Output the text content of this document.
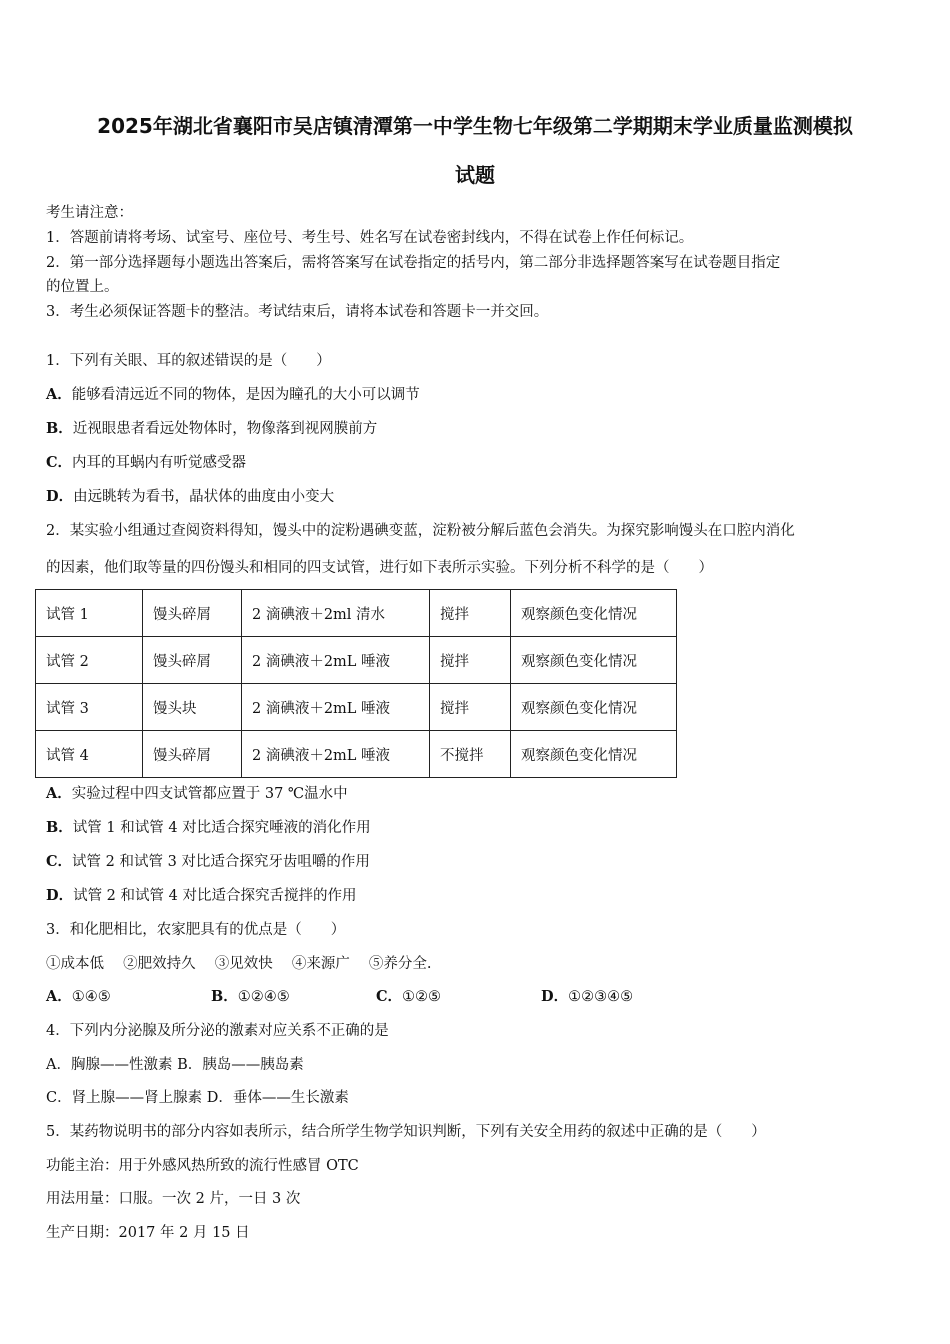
2025年湖北省襄阳市吴店镇清潭第一中学生物七年级第二学期期末学业质量监测模拟
试题
考生请注意：
1．答题前请将考场、试室号、座位号、考生号、姓名写在试卷密封线内，不得在试卷上作任何标记。
2．第一部分选择题每小题选出答案后，需将答案写在试卷指定的括号内，第二部分非选择题答案写在试卷题目指定
的位置上。
3．考生必须保证答题卡的整洁。考试结束后，请将本试卷和答题卡一并交回。
1．下列有关眼、耳的叙述错误的是（　　）
A．能够看清远近不同的物体，是因为瞳孔的大小可以调节
B．近视眼患者看远处物体时，物像落到视网膜前方
C．内耳的耳蜗内有听觉感受器
D．由远眺转为看书，晶状体的曲度由小变大
2．某实验小组通过查阅资料得知，馒头中的淀粉遇碘变蓝，淀粉被分解后蓝色会消失。为探究影响馒头在口腔内消化
的因素，他们取等量的四份馒头和相同的四支试管，进行如下表所示实验。下列分析不科学的是（　　）
试管 1	馒头碎屑	2 滴碘液＋2ml 清水	搅拌	观察颜色变化情况
试管 2	馒头碎屑	2 滴碘液＋2mL 唾液	搅拌	观察颜色变化情况
试管 3	馒头块	2 滴碘液＋2mL 唾液	搅拌	观察颜色变化情况
试管 4	馒头碎屑	2 滴碘液＋2mL 唾液	不搅拌	观察颜色变化情况
A．实验过程中四支试管都应置于 37 ℃温水中
B．试管 1 和试管 4 对比适合探究唾液的消化作用
C．试管 2 和试管 3 对比适合探究牙齿咀嚼的作用
D．试管 2 和试管 4 对比适合探究舌搅拌的作用
3．和化肥相比，农家肥具有的优点是（　　）
①成本低　 ②肥效持久　 ③见效快　 ④来源广　 ⑤养分全.
A．①④⑤	B．①②④⑤	C．①②⑤	D．①②③④⑤
4．下列内分泌腺及所分泌的激素对应关系不正确的是
A．胸腺——性激素 B．胰岛——胰岛素
C．肾上腺——肾上腺素 D．垂体——生长激素
5．某药物说明书的部分内容如表所示，结合所学生物学知识判断，下列有关安全用药的叙述中正确的是（　　）
功能主治：用于外感风热所致的流行性感冒 OTC
用法用量：口服。一次 2 片，一日 3 次
生产日期：2017 年 2 月 15 日
